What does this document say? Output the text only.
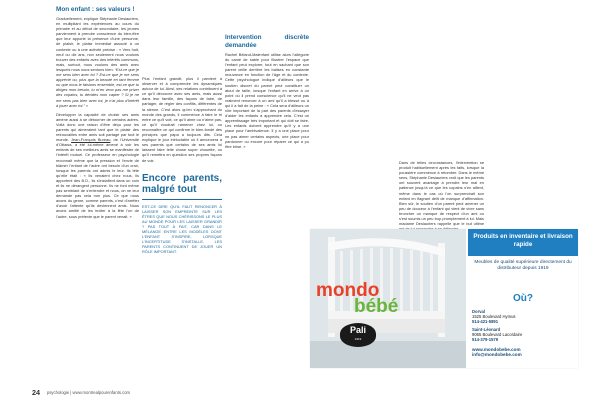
Mon enfant : ses valeurs !

Graduellement, explique Stéphanie Deslauriers, en multipliant les expériences au cours du primaire et au début de secondaire, les jeunes parviennent à prendre conscience du bien-être que leur apporte la présence d’une personne, de plaisir, le plaisir immédiat associé à un contexte ou à une activité précise : « Vers huit, neuf ou dix ans, non seulement nous voulons trouver des enfants avec des intérêts communs, mais, surtout, nous voulons des amis avec lesquels nous nous sentons bien. “Est-ce que je me sens bien avec toi ? Est-ce que je me sens apprécié ou, plus que la beauté en tant femme ou que nous le faisions ensemble, est-ce que tu diriges mon besoin, tu m’en veux pas me priver des copains, tu décides mon capter ? Si je ne me sens pas bien avec toi, je n’ai plus d’intérêt à jouer avec toi.” »

Développer la capacité de choisir ses amis amène aussi à se détourner de certains autres. Voilà donc une raison d’être déçu pour les parents qui aimeraient tant que le plaisir des retrouvailles entre amis soit partagé par tout le monde. Jean-François Bureau, de l’Université d’Ottawa, a été lui-même amené à voir les enfants de ses meilleurs amis se manifester de l’intérêt mutuel. Ce professeur en psychologie reconnaît même que la pression et l’envie de blâmer l’enfant de l’autre ont besoin d’un cran, lorsque les parents ont admis le leur. Ils tête qu’elle était : « Ils venaient chez nous, ils apportent des B.D., ils s’installent dans un coin et ils ne dérangent personne. Ils ne font même pas semblant de s’entendre et nous, on ne leur demande pas cela non plus. Ce que nous avons du genre, comme parents, c’est d’arrêter d’avoir l’attente qu’ils deviennent amis. Nous avons amitié de les inviter à la fête l’un de l’autre, sous prétexte que le parent venait. »

Plus l’enfant grandit, plus il parvient à observer et à comprendre les dynamiques autour de lui. Ainsi, ses relations contribuent à ce qu’il découvre avec ses amis, mais aussi dans leur famille, des façons de faire, de partager, de régler des conflits, différentes de la sienne. C’est alors qu’en s’approchant du monde des grands, il commence à faire le tri entre ce qu’il voit, ce qu’il aime ou n’aime pas, ce qu’il voudrait ramener chez lui, ou reconnaître ce qui confirme le bien-fondé des principes que papa a toujours dits. Cela explique le jour inéluctable où il annoncera à ses parents que certains de ses amis lui laissent faire telle chose super chouette, ou qu’il remettra en question ses propres façons de voir.

Encore parents, malgré tout

EST-CE DIRE QU’IL FAUT RENONCER À LAISSER SON EMPREINTE SUR LES ÊTRES QUE NOUS CHÉRISSONS LE PLUS AU MONDE POUR LES LAISSER GRANDIR ? PAS TOUT À FAIT, CAR DANS LE MÉLANGE ENTRE LES MODÈLES DONT L’ENFANT S’INSPIRE, LORSQUE L’INCERTITUDE S’INSTALLE, LES PARENTS CONTINUENT DE JOUER UN RÔLE IMPORTANT.

Intervention discrète demandée

Rachel Béland-Malenfant utilise alors l’allégorie du camé de sable pour illustrer l’espace que l’enfant peut explorer, tout en sachant que son parent veille derrière les balises en constante mouvance en fonction de l’âge et du contexte. Cette psychologue indique d’ailleurs que le soutien discret du parent peut constituer un atout de taille, lorsque l’enfant en arrive à un point où il prend conscience qu’il ne veut pas vraiment renoncer à un ami qu’il a blessé ou à qui il a fait de la peine : « Cela sera d’ailleurs un rôle important de la part des parents d’essayer d’aider les enfants à apprendre cela. C’est un apprentissage très important et qui doit se faire. Les enfants doivent apprendre qu’il y a une place pour l’ambivalence. Il y a une place pour ne pas aimer certains aspects, une place pour pardonner ou encore pour réparer ce qui a pu être brisé. »

Dans de telles circonstances, l’intervention se produit habituellement après les faits, lorsque la poussière commence à retomber. Dans le même sens, Stéphanie Deslauriers croit que les parents ont souvent avantage à prendre leur mal en patience jusqu’à ce que les copains s’en aillent, même dans le cas où l’on surprendrait son enfant en flagrant délit de manque d’affirmation. Bien sûr, le soutien d’un parent peut amener un peu de douceur à l’enfant qui vient de vivre sans broncher un manque de respect d’un ami ou s’est soumis un peu trop promptement à lui. Mais madame Deslauriers rappelle que le but ultime

mondo
bébé
Pali
1919
Produits en inventaire et livraison rapide
Meubles de qualité supérieure directement du distributeur depuis 1919
Où?
Dorval
1525 Boulevard Hymus
514-421-5891
Saint-Léonard
9065 Boulevard Lacordaire
514-379-1579
www.mondobebe.com
info@mondobebe.com
24 psychologie | www.montrealpourenfants.com
